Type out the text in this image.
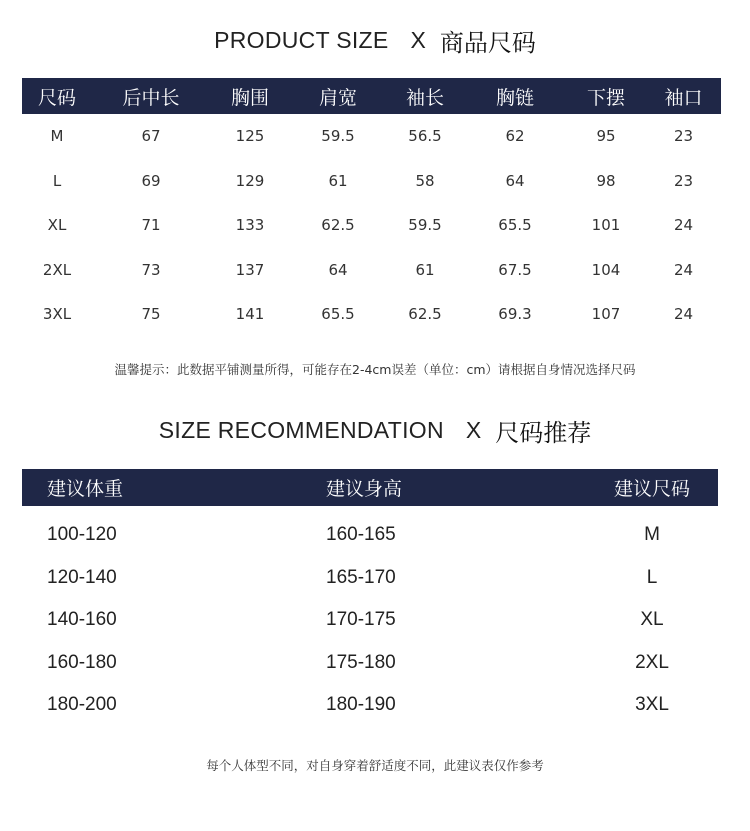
PRODUCT SIZE X 商品尺码
尺码	后中长	胸围	肩宽	袖长	胸链	下摆	袖口
M	67	125	59.5	56.5	62	95	23
L	69	129	61	58	64	98	23
XL	71	133	62.5	59.5	65.5	101	24
2XL	73	137	64	61	67.5	104	24
3XL	75	141	65.5	62.5	69.3	107	24
温馨提示：此数据平铺测量所得，可能存在2-4cm误差（单位：cm）请根据自身情况选择尺码
SIZE RECOMMENDATION X 尺码推荐
建议体重	建议身高	建议尺码
100-120	160-165	M
120-140	165-170	L
140-160	170-175	XL
160-180	175-180	2XL
180-200	180-190	3XL
每个人体型不同，对自身穿着舒适度不同，此建议表仅作参考
